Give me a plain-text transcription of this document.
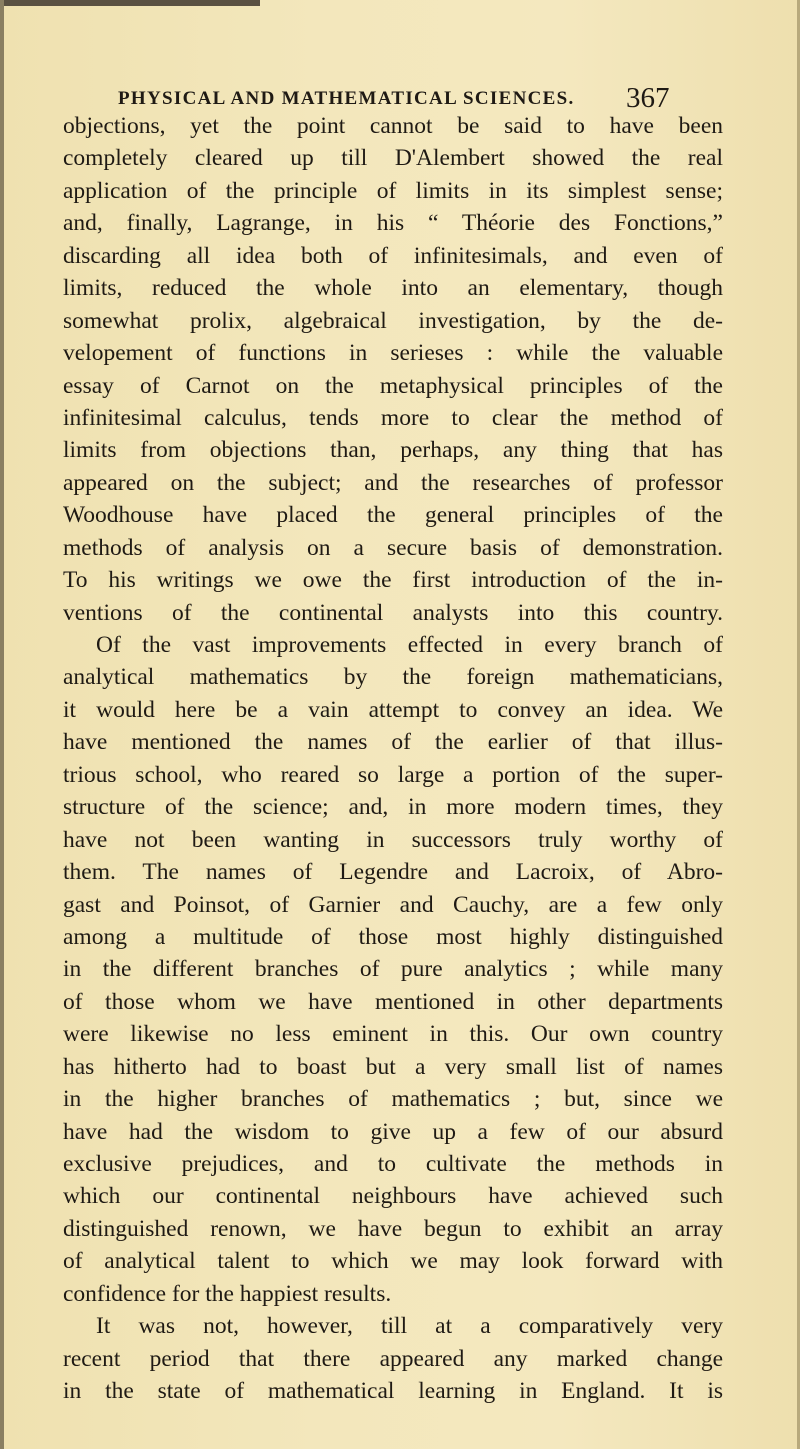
PHYSICAL AND MATHEMATICAL SCIENCES. 367
objections, yet the point cannot be said to have been
completely cleared up till D'Alembert showed the real
application of the principle of limits in its simplest sense;
and, finally, Lagrange, in his “ Théorie des Fonctions,”
discarding all idea both of infinitesimals, and even of
limits, reduced the whole into an elementary, though
somewhat prolix, algebraical investigation, by the de-
velopement of functions in serieses : while the valuable
essay of Carnot on the metaphysical principles of the
infinitesimal calculus, tends more to clear the method of
limits from objections than, perhaps, any thing that has
appeared on the subject; and the researches of professor
Woodhouse have placed the general principles of the
methods of analysis on a secure basis of demonstration.
To his writings we owe the first introduction of the in-
ventions of the continental analysts into this country.
Of the vast improvements effected in every branch of
analytical mathematics by the foreign mathematicians,
it would here be a vain attempt to convey an idea. We
have mentioned the names of the earlier of that illus-
trious school, who reared so large a portion of the super-
structure of the science; and, in more modern times, they
have not been wanting in successors truly worthy of
them. The names of Legendre and Lacroix, of Abro-
gast and Poinsot, of Garnier and Cauchy, are a few only
among a multitude of those most highly distinguished
in the different branches of pure analytics ; while many
of those whom we have mentioned in other departments
were likewise no less eminent in this. Our own country
has hitherto had to boast but a very small list of names
in the higher branches of mathematics ; but, since we
have had the wisdom to give up a few of our absurd
exclusive prejudices, and to cultivate the methods in
which our continental neighbours have achieved such
distinguished renown, we have begun to exhibit an array
of analytical talent to which we may look forward with
confidence for the happiest results.
It was not, however, till at a comparatively very
recent period that there appeared any marked change
in the state of mathematical learning in England. It is
